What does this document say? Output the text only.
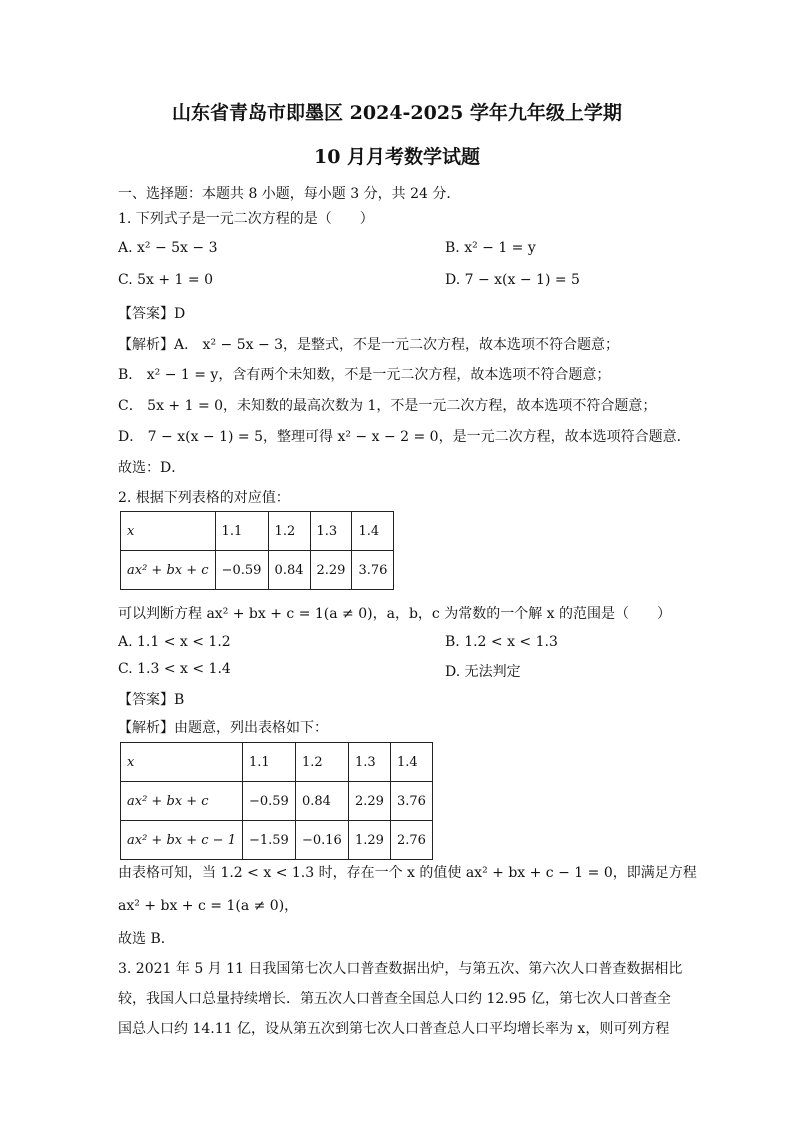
山东省青岛市即墨区 2024-2025 学年九年级上学期
10 月月考数学试题
一、选择题：本题共 8 小题，每小题 3 分，共 24 分．
1. 下列式子是一元二次方程的是（　　）
A. x² − 5x − 3	B. x² − 1 = y
C. 5x + 1 = 0	D. 7 − x(x − 1) = 5
【答案】D
【解析】A． x² − 5x − 3，是整式，不是一元二次方程，故本选项不符合题意；
B． x² − 1 = y，含有两个未知数，不是一元二次方程，故本选项不符合题意；
C． 5x + 1 = 0，未知数的最高次数为 1，不是一元二次方程，故本选项不符合题意；
D． 7 − x(x − 1) = 5，整理可得 x² − x − 2 = 0，是一元二次方程，故本选项符合题意．
故选：D．
2. 根据下列表格的对应值：
x	1.1	1.2	1.3	1.4
ax² + bx + c	−0.59	0.84	2.29	3.76
可以判断方程 ax² + bx + c = 1(a ≠ 0)，a，b，c 为常数的一个解 x 的范围是（　　）
A. 1.1 < x < 1.2	B. 1.2 < x < 1.3
C. 1.3 < x < 1.4	D. 无法判定
【答案】B
【解析】由题意，列出表格如下：
x	1.1	1.2	1.3	1.4
ax² + bx + c	−0.59	0.84	2.29	3.76
ax² + bx + c − 1	−1.59	−0.16	1.29	2.76
由表格可知，当 1.2 < x < 1.3 时，存在一个 x 的值使 ax² + bx + c − 1 = 0，即满足方程
ax² + bx + c = 1(a ≠ 0)，
故选 B．
3. 2021 年 5 月 11 日我国第七次人口普查数据出炉，与第五次、第六次人口普查数据相比
较，我国人口总量持续增长．第五次人口普查全国总人口约 12.95 亿，第七次人口普查全
国总人口约 14.11 亿，设从第五次到第七次人口普查总人口平均增长率为 x，则可列方程
